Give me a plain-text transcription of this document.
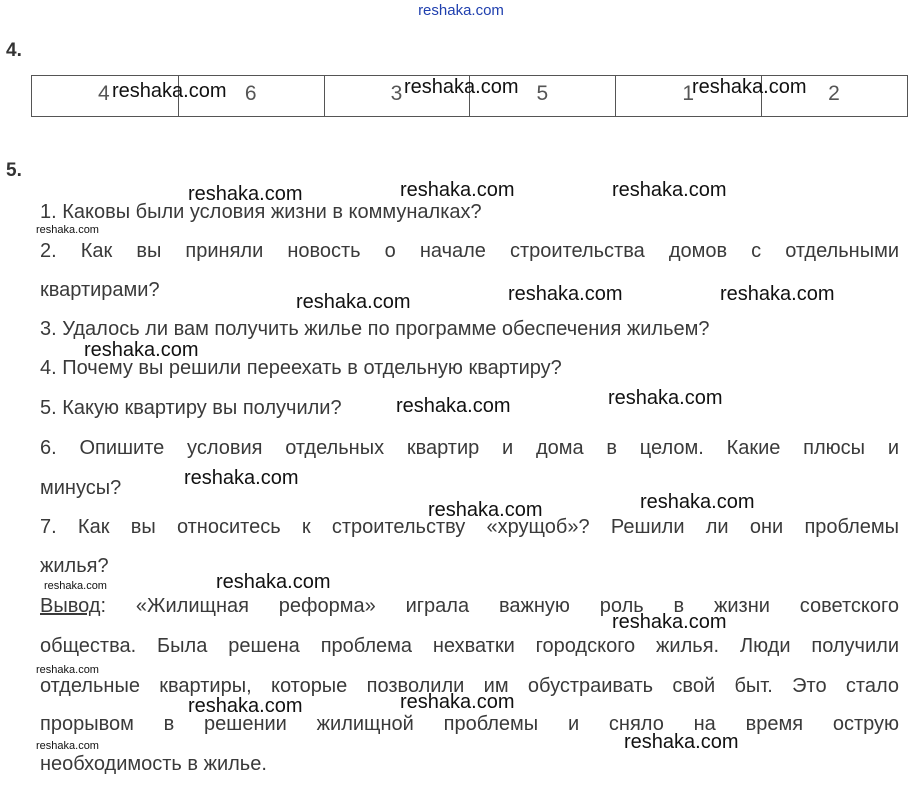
reshaka.com
4.
4	6	3	5	1	2
reshaka.com	reshaka.com	reshaka.com
5.
1. Каковы были условия жизни в коммуналках?
2. Как вы приняли новость о начале строительства домов с отдельными
квартирами?
3. Удалось ли вам получить жилье по программе обеспечения жильем?
4. Почему вы решили переехать в отдельную квартиру?
5. Какую квартиру вы получили?
6. Опишите условия отдельных квартир и дома в целом. Какие плюсы и
минусы?
7. Как вы относитесь к строительству «хрущоб»? Решили ли они проблемы
жилья?
Вывод: «Жилищная реформа» играла важную роль в жизни советского
общества. Была решена проблема нехватки городского жилья. Люди получили
отдельные квартиры, которые позволили им обустраивать свой быт. Это стало
прорывом в решении жилищной проблемы и сняло на время острую
необходимость в жилье.
reshaka.com	reshaka.com	reshaka.com
reshaka.com	reshaka.com	reshaka.com
reshaka.com
reshaka.com	reshaka.com
reshaka.com
reshaka.com	reshaka.com
reshaka.com
reshaka.com
reshaka.com	reshaka.com
reshaka.com
reshaka.com
reshaka.com
reshaka.com
reshaka.com
